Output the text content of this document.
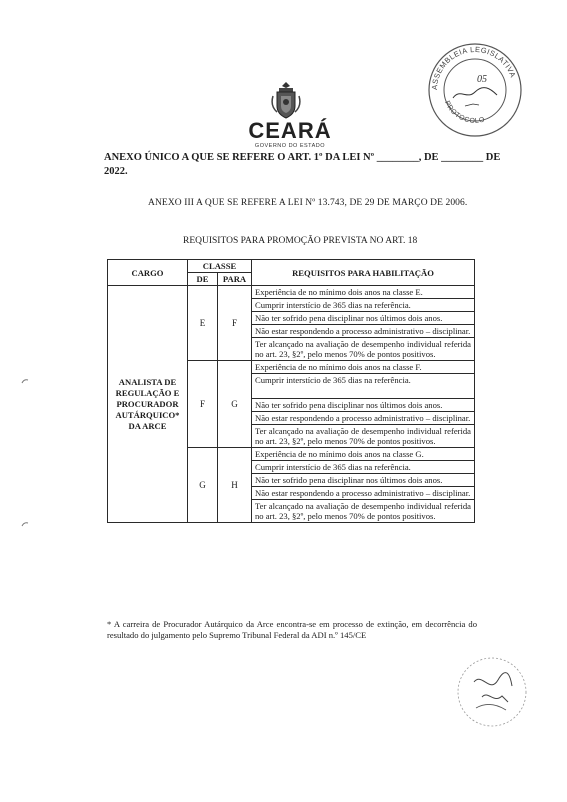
ASSEMBLEIA LEGISLATIVA
PROTOCOLO
05
CEARÁ
GOVERNO DO ESTADO
ANEXO ÚNICO A QUE SE REFERE O ART. 1º DA LEI Nº ________, DE ________ DE 2022.
ANEXO III A QUE SE REFERE A LEI Nº 13.743, DE 29 DE MARÇO DE 2006.
REQUISITOS PARA PROMOÇÃO PREVISTA NO ART. 18
CARGO	CLASSE		REQUISITOS PARA HABILITAÇÃO
	DE	PARA	
ANALISTA DE REGULAÇÃO E PROCURADOR AUTÁRQUICO* DA ARCE	E	F	Experiência de no mínimo dois anos na classe E.
			Cumprir interstício de 365 dias na referência.
			Não ter sofrido pena disciplinar nos últimos dois anos.
			Não estar respondendo a processo administrativo – disciplinar.
			Ter alcançado na avaliação de desempenho individual referida no art. 23, §2º, pelo menos 70% de pontos positivos.
	F	G	Experiência de no mínimo dois anos na classe F.
			Cumprir interstício de 365 dias na referência.
			Não ter sofrido pena disciplinar nos últimos dois anos.
			Não estar respondendo a processo administrativo – disciplinar.
			Ter alcançado na avaliação de desempenho individual referida no art. 23, §2º, pelo menos 70% de pontos positivos.
	G	H	Experiência de no mínimo dois anos na classe G.
			Cumprir interstício de 365 dias na referência.
			Não ter sofrido pena disciplinar nos últimos dois anos.
			Não estar respondendo a processo administrativo – disciplinar.
			Ter alcançado na avaliação de desempenho individual referida no art. 23, §2º, pelo menos 70% de pontos positivos.
* A carreira de Procurador Autárquico da Arce encontra-se em processo de extinção, em decorrência do resultado do julgamento pelo Supremo Tribunal Federal da ADI n.º 145/CE
